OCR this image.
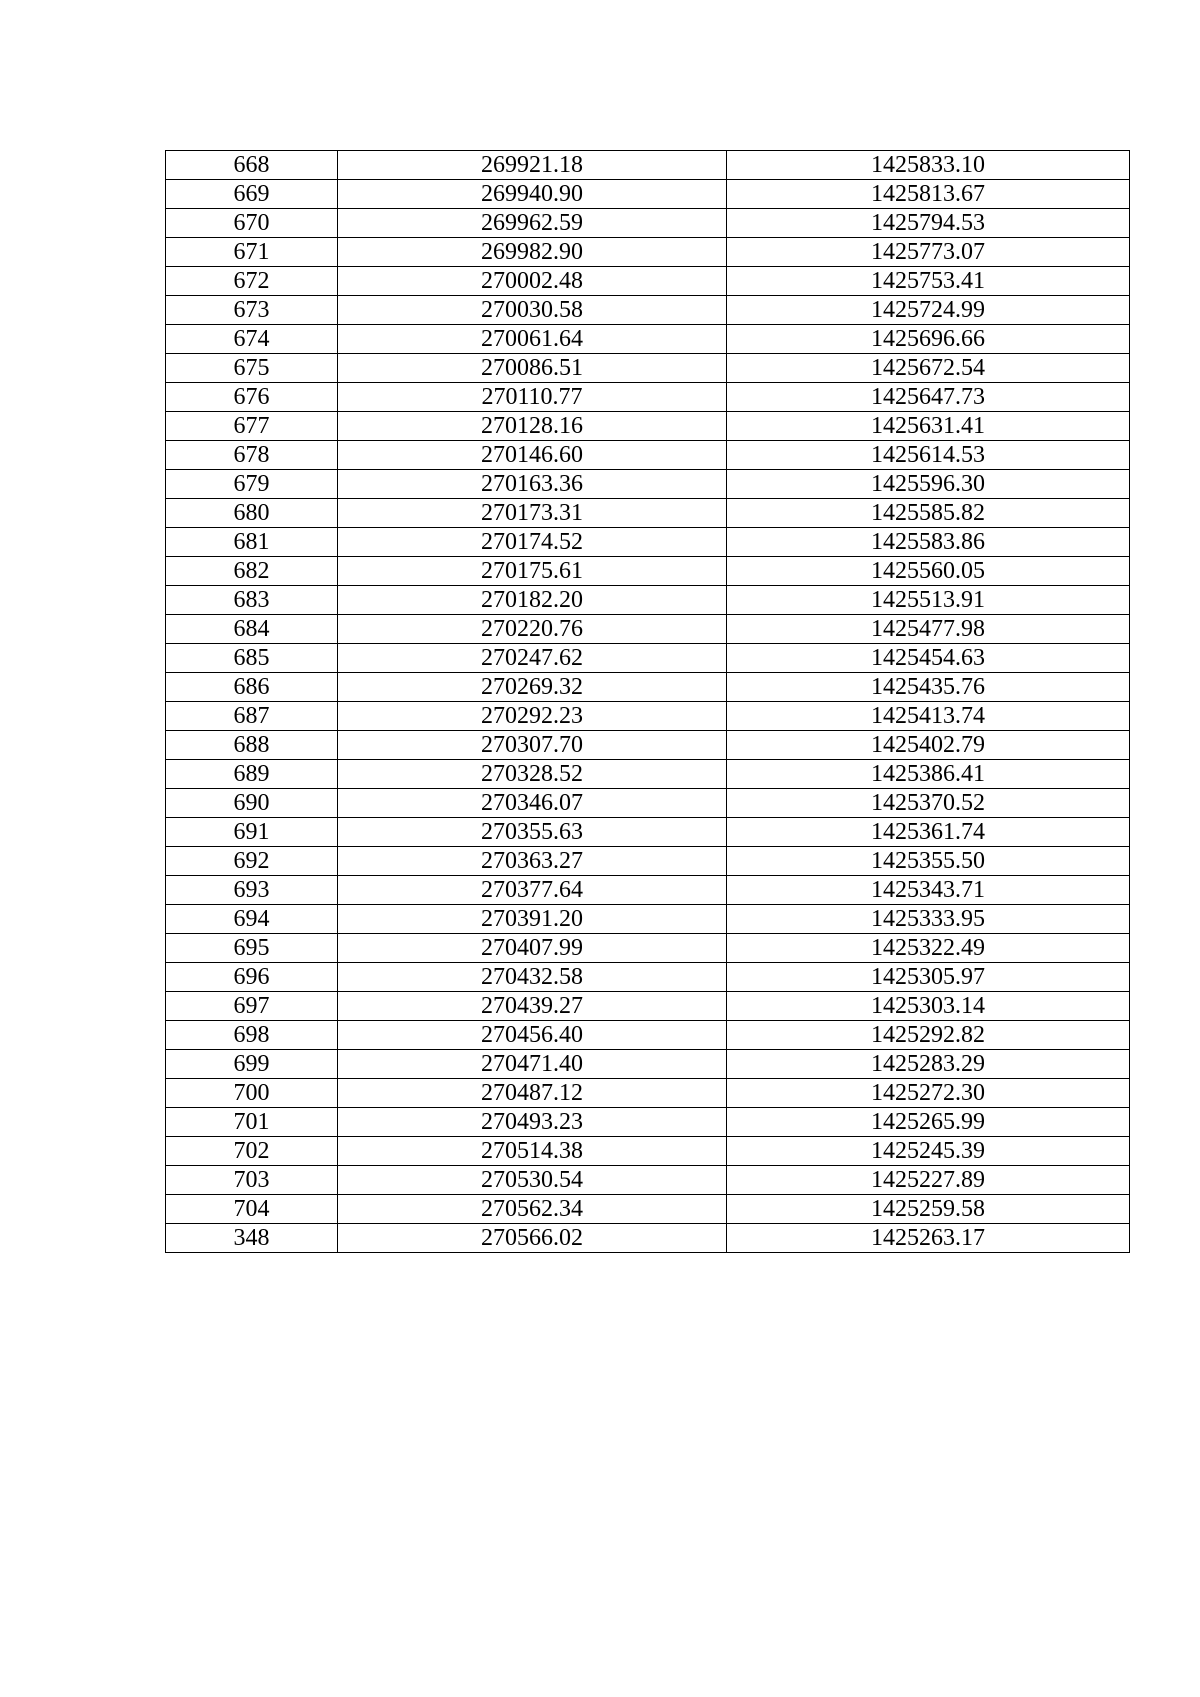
668	269921.18	1425833.10
669	269940.90	1425813.67
670	269962.59	1425794.53
671	269982.90	1425773.07
672	270002.48	1425753.41
673	270030.58	1425724.99
674	270061.64	1425696.66
675	270086.51	1425672.54
676	270110.77	1425647.73
677	270128.16	1425631.41
678	270146.60	1425614.53
679	270163.36	1425596.30
680	270173.31	1425585.82
681	270174.52	1425583.86
682	270175.61	1425560.05
683	270182.20	1425513.91
684	270220.76	1425477.98
685	270247.62	1425454.63
686	270269.32	1425435.76
687	270292.23	1425413.74
688	270307.70	1425402.79
689	270328.52	1425386.41
690	270346.07	1425370.52
691	270355.63	1425361.74
692	270363.27	1425355.50
693	270377.64	1425343.71
694	270391.20	1425333.95
695	270407.99	1425322.49
696	270432.58	1425305.97
697	270439.27	1425303.14
698	270456.40	1425292.82
699	270471.40	1425283.29
700	270487.12	1425272.30
701	270493.23	1425265.99
702	270514.38	1425245.39
703	270530.54	1425227.89
704	270562.34	1425259.58
348	270566.02	1425263.17
